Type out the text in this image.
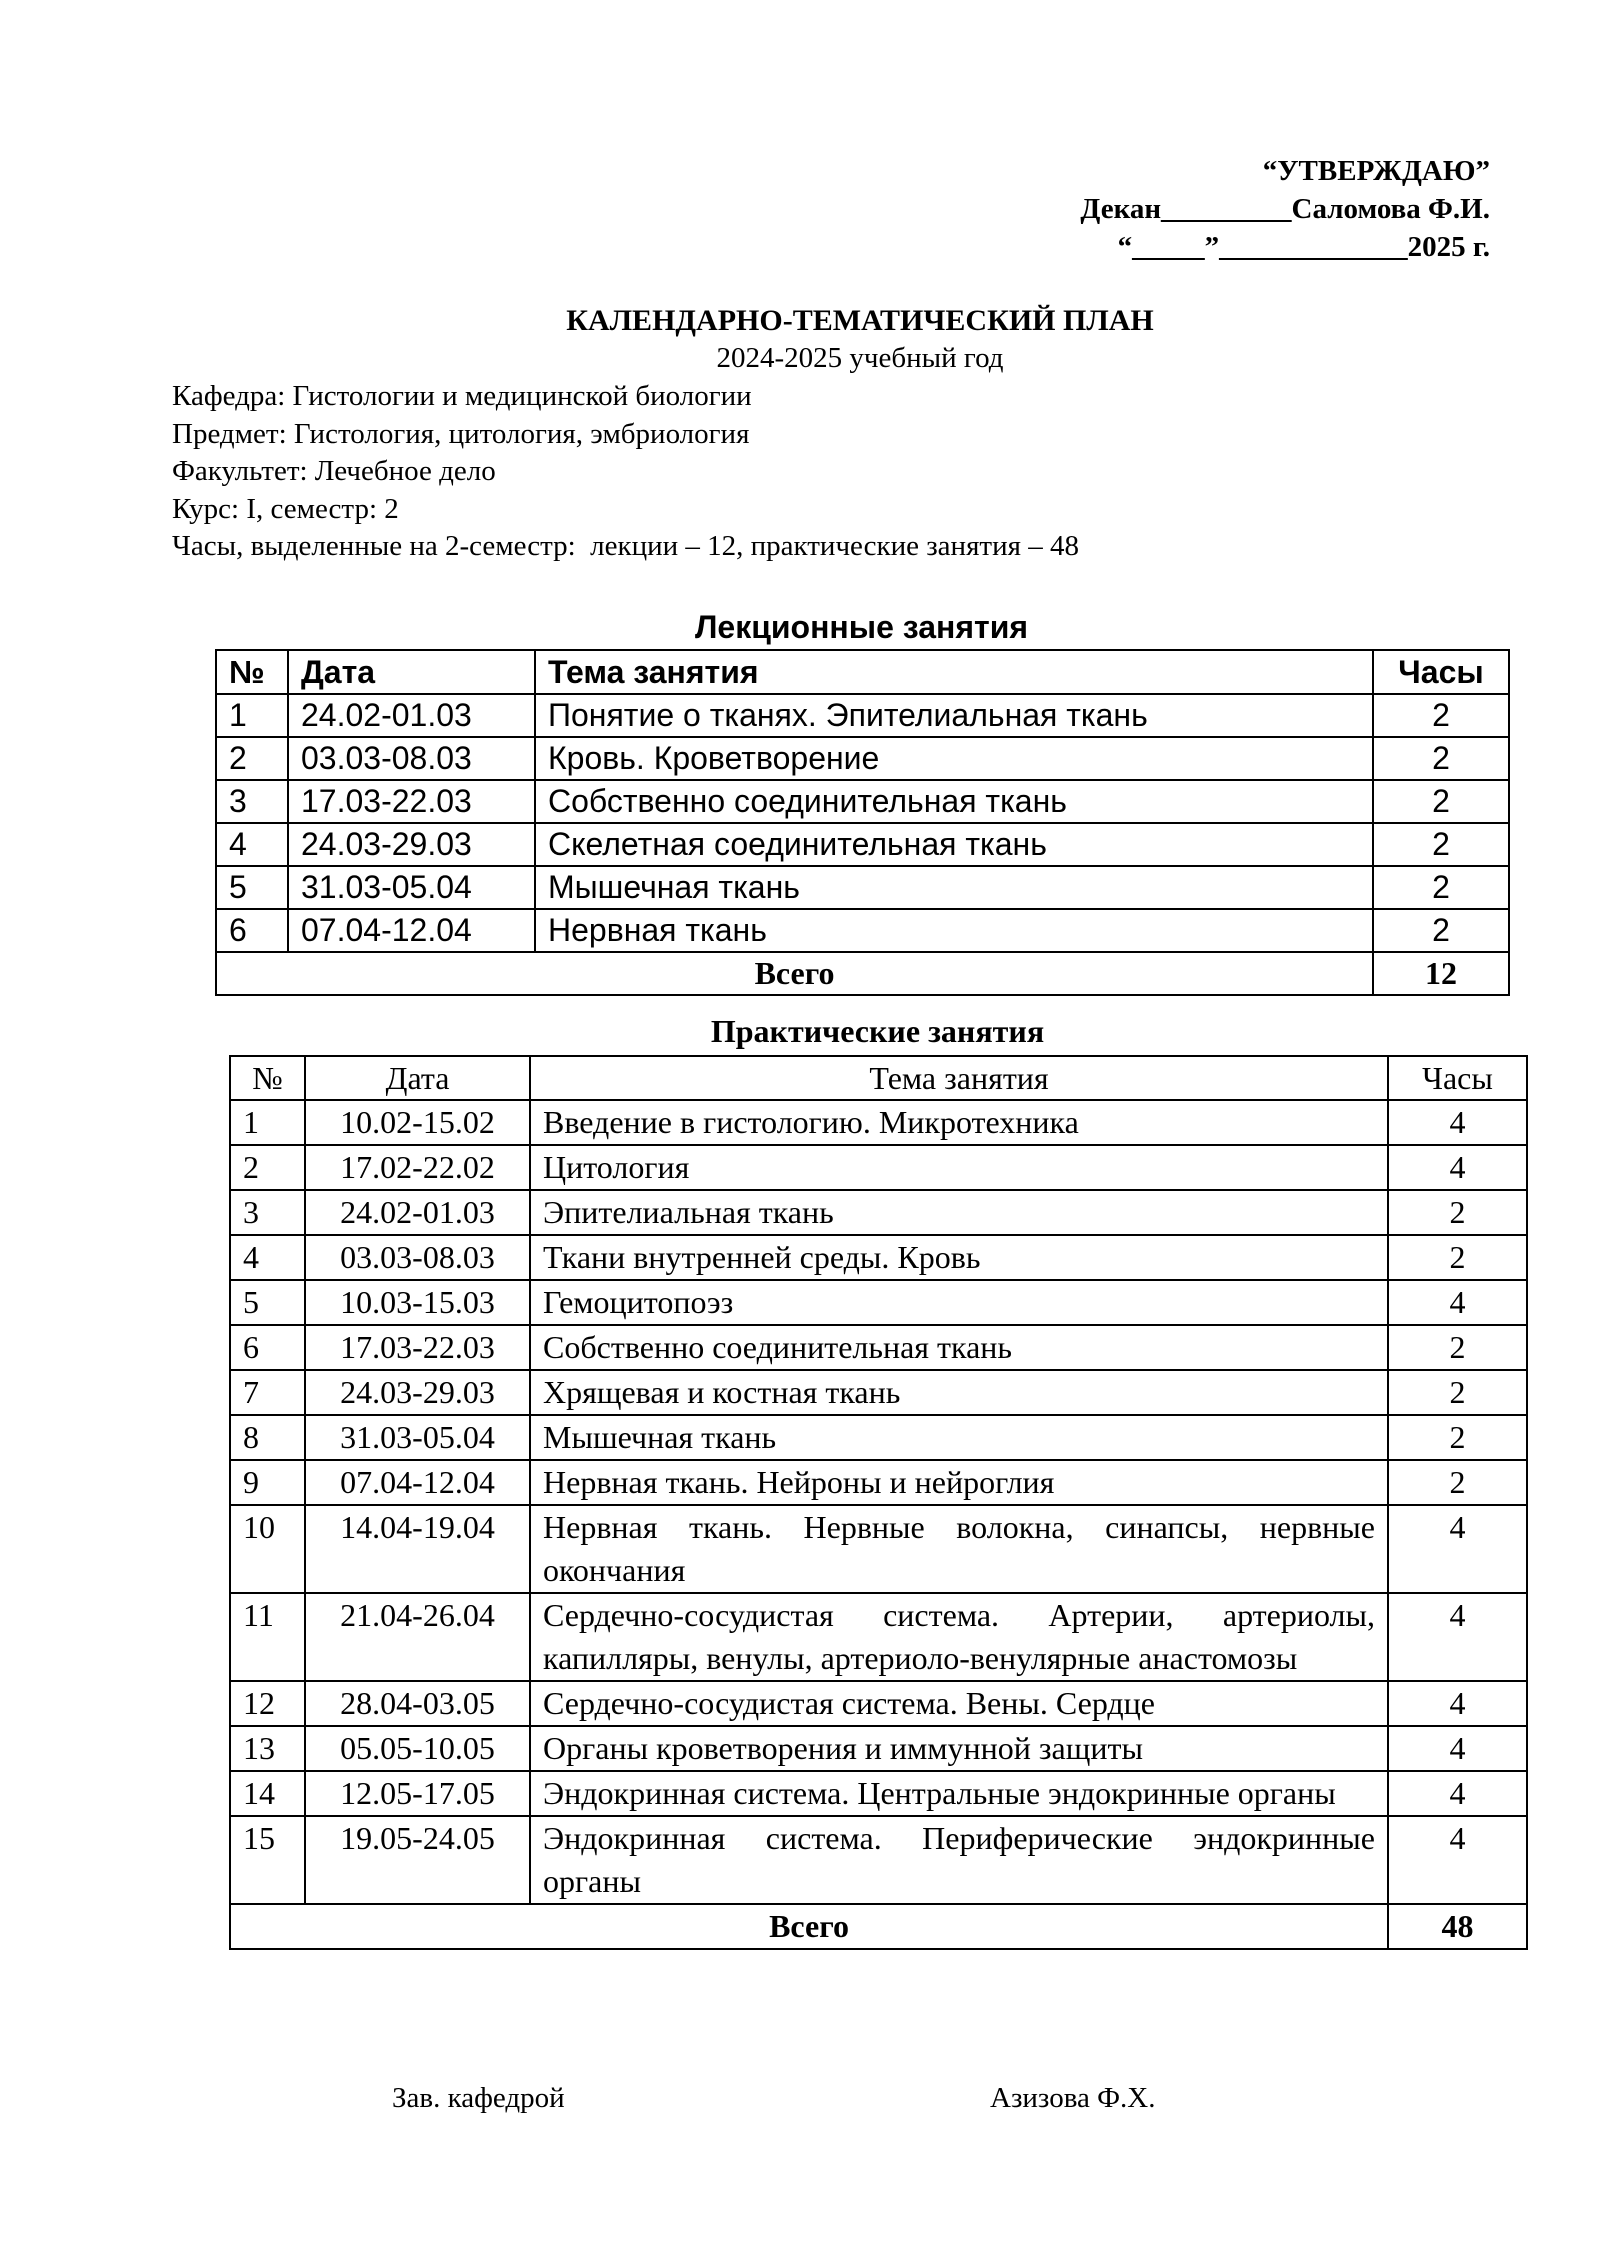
“УТВЕРЖДАЮ”
Декан_________Саломова Ф.И.
“_____”_____________2025 г.
КАЛЕНДАРНО-ТЕМАТИЧЕСКИЙ ПЛАН
2024-2025 учебный год
Кафедра: Гистологии и медицинской биологии
Предмет: Гистология, цитология, эмбриология
Факультет: Лечебное дело
Курс: I, семестр: 2
Часы, выделенные на 2-семестр:  лекции – 12, практические занятия – 48
Лекционные занятия
№	Дата	Тема занятия	Часы
1	24.02-01.03	Понятие о тканях. Эпителиальная ткань	2
2	03.03-08.03	Кровь. Кроветворение	2
3	17.03-22.03	Собственно соединительная ткань	2
4	24.03-29.03	Скелетная соединительная ткань	2
5	31.03-05.04	Мышечная ткань	2
6	07.04-12.04	Нервная ткань	2
Всего			12
Практические занятия
№	Дата	Тема занятия	Часы
1	10.02-15.02	Введение в гистологию. Микротехника	4
2	17.02-22.02	Цитология	4
3	24.02-01.03	Эпителиальная ткань	2
4	03.03-08.03	Ткани внутренней среды. Кровь	2
5	10.03-15.03	Гемоцитопоэз	4
6	17.03-22.03	Собственно соединительная ткань	2
7	24.03-29.03	Хрящевая и костная ткань	2
8	31.03-05.04	Мышечная ткань	2
9	07.04-12.04	Нервная ткань. Нейроны и нейроглия	2
10	14.04-19.04	Нервная ткань. Нервные волокна, синапсы, нервные окончания	4
11	21.04-26.04	Сердечно-сосудистая система. Артерии, артериолы, капилляры, венулы, артериоло-венулярные анастомозы	4
12	28.04-03.05	Сердечно-сосудистая система. Вены. Сердце	4
13	05.05-10.05	Органы кроветворения и иммунной защиты	4
14	12.05-17.05	Эндокринная система. Центральные эндокринные органы	4
15	19.05-24.05	Эндокринная система. Периферические эндокринные органы	4
Всего			48
Зав. кафедрой	Азизова Ф.Х.
